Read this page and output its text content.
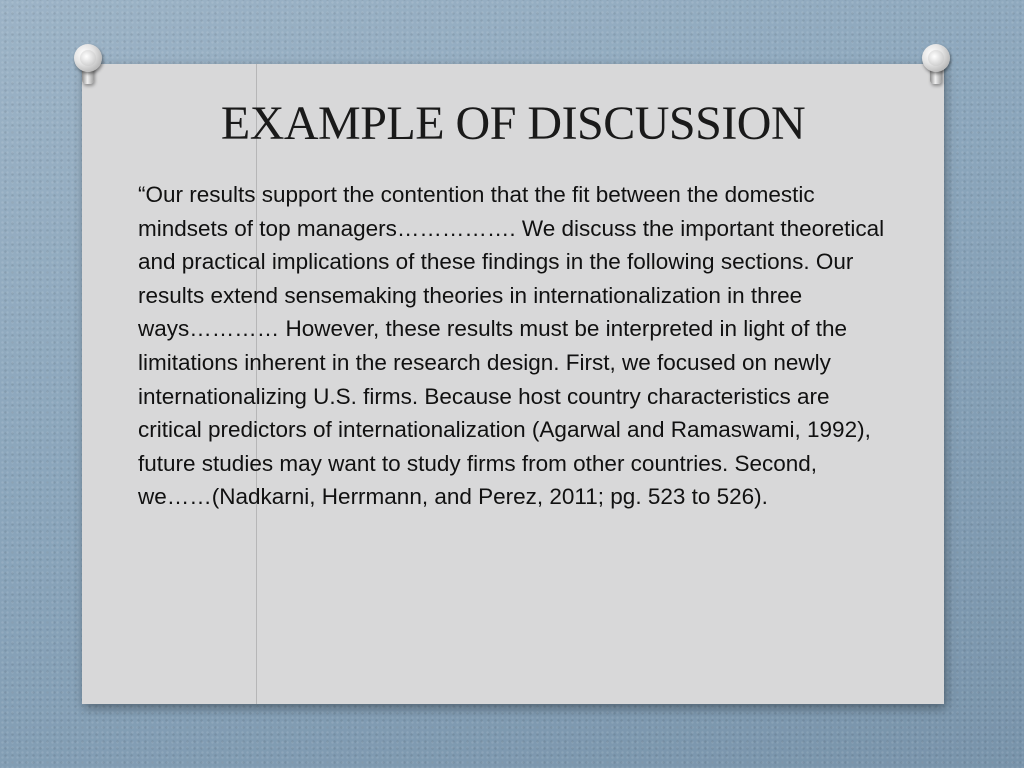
EXAMPLE OF DISCUSSION

“Our results support the contention that the fit between the domestic mindsets of top managers……………. We discuss the important theoretical and practical implications of these findings in the following sections. Our results extend sensemaking theories in internationalization in three ways………… However, these results must be interpreted in light of the limitations inherent in the research design. First, we focused on newly internationalizing U.S. firms. Because host country characteristics are critical predictors of internationalization (Agarwal and Ramaswami, 1992), future studies may want to study firms from other countries. Second, we……(Nadkarni, Herrmann, and Perez, 2011; pg. 523 to 526).
